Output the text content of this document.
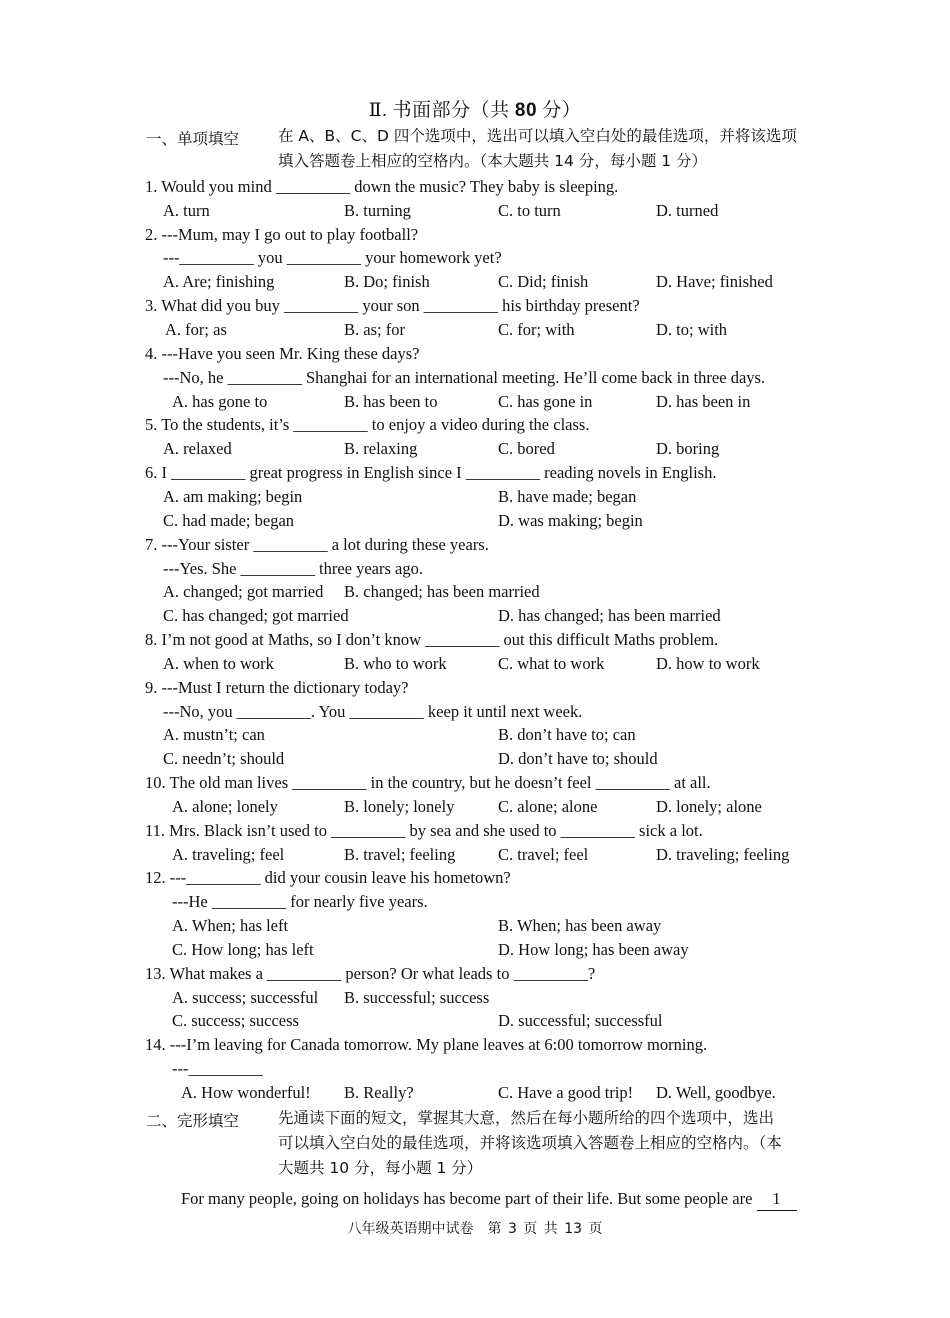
Ⅱ. 书面部分（共 80 分）
一、单项填空	在 A、B、C、D 四个选项中，选出可以填入空白处的最佳选项，并将该选项
填入答题卷上相应的空格内。（本大题共 14 分，每小题 1 分）
1. Would you mind _________ down the music? They baby is sleeping.
A. turn	B. turning	C. to turn	D. turned
2. ---Mum, may I go out to play football?
---_________ you _________ your homework yet?
A. Are; finishing	B. Do; finish	C. Did; finish	D. Have; finished
3. What did you buy _________ your son _________ his birthday present?
A. for; as	B. as; for	C. for; with	D. to; with
4. ---Have you seen Mr. King these days?
---No, he _________ Shanghai for an international meeting. He’ll come back in three days.
A. has gone to	B. has been to	C. has gone in	D. has been in
5. To the students, it’s _________ to enjoy a video during the class.
A. relaxed	B. relaxing	C. bored	D. boring
6. I _________ great progress in English since I _________ reading novels in English.
A. am making; begin	B. have made; began
C. had made; began	D. was making; begin
7. ---Your sister _________ a lot during these years.
---Yes. She _________ three years ago.
A. changed; got married B. changed; has been married
C. has changed; got married	D. has changed; has been married
8. I’m not good at Maths, so I don’t know _________ out this difficult Maths problem.
A. when to work	B. who to work	C. what to work	D. how to work
9. ---Must I return the dictionary today?
---No, you _________. You _________ keep it until next week.
A. mustn’t; can	B. don’t have to; can
C. needn’t; should	D. don’t have to; should
10. The old man lives _________ in the country, but he doesn’t feel _________ at all.
A. alone; lonely	B. lonely; lonely	C. alone; alone	D. lonely; alone
11. Mrs. Black isn’t used to _________ by sea and she used to _________ sick a lot.
A. traveling; feel	B. travel; feeling	C. travel; feel	D. traveling; feeling
12. ---_________ did your cousin leave his hometown?
---He _________ for nearly five years.
A. When; has left	B. When; has been away
C. How long; has left	D. How long; has been away
13. What makes a _________ person? Or what leads to _________?
A. success; successful B. successful; success
C. success; success	D. successful; successful
14. ---I’m leaving for Canada tomorrow. My plane leaves at 6:00 tomorrow morning.
---_________
A. How wonderful! B. Really?	C. Have a good trip! D. Well, goodbye.
二、完形填空	先通读下面的短文，掌握其大意，然后在每小题所给的四个选项中，选出
可以填入空白处的最佳选项，并将该选项填入答题卷上相应的空格内。（本
大题共 10 分，每小题 1 分）
For many people, going on holidays has become part of their life. But some people are 1
八年级英语期中试卷　第 3 页 共 13 页
